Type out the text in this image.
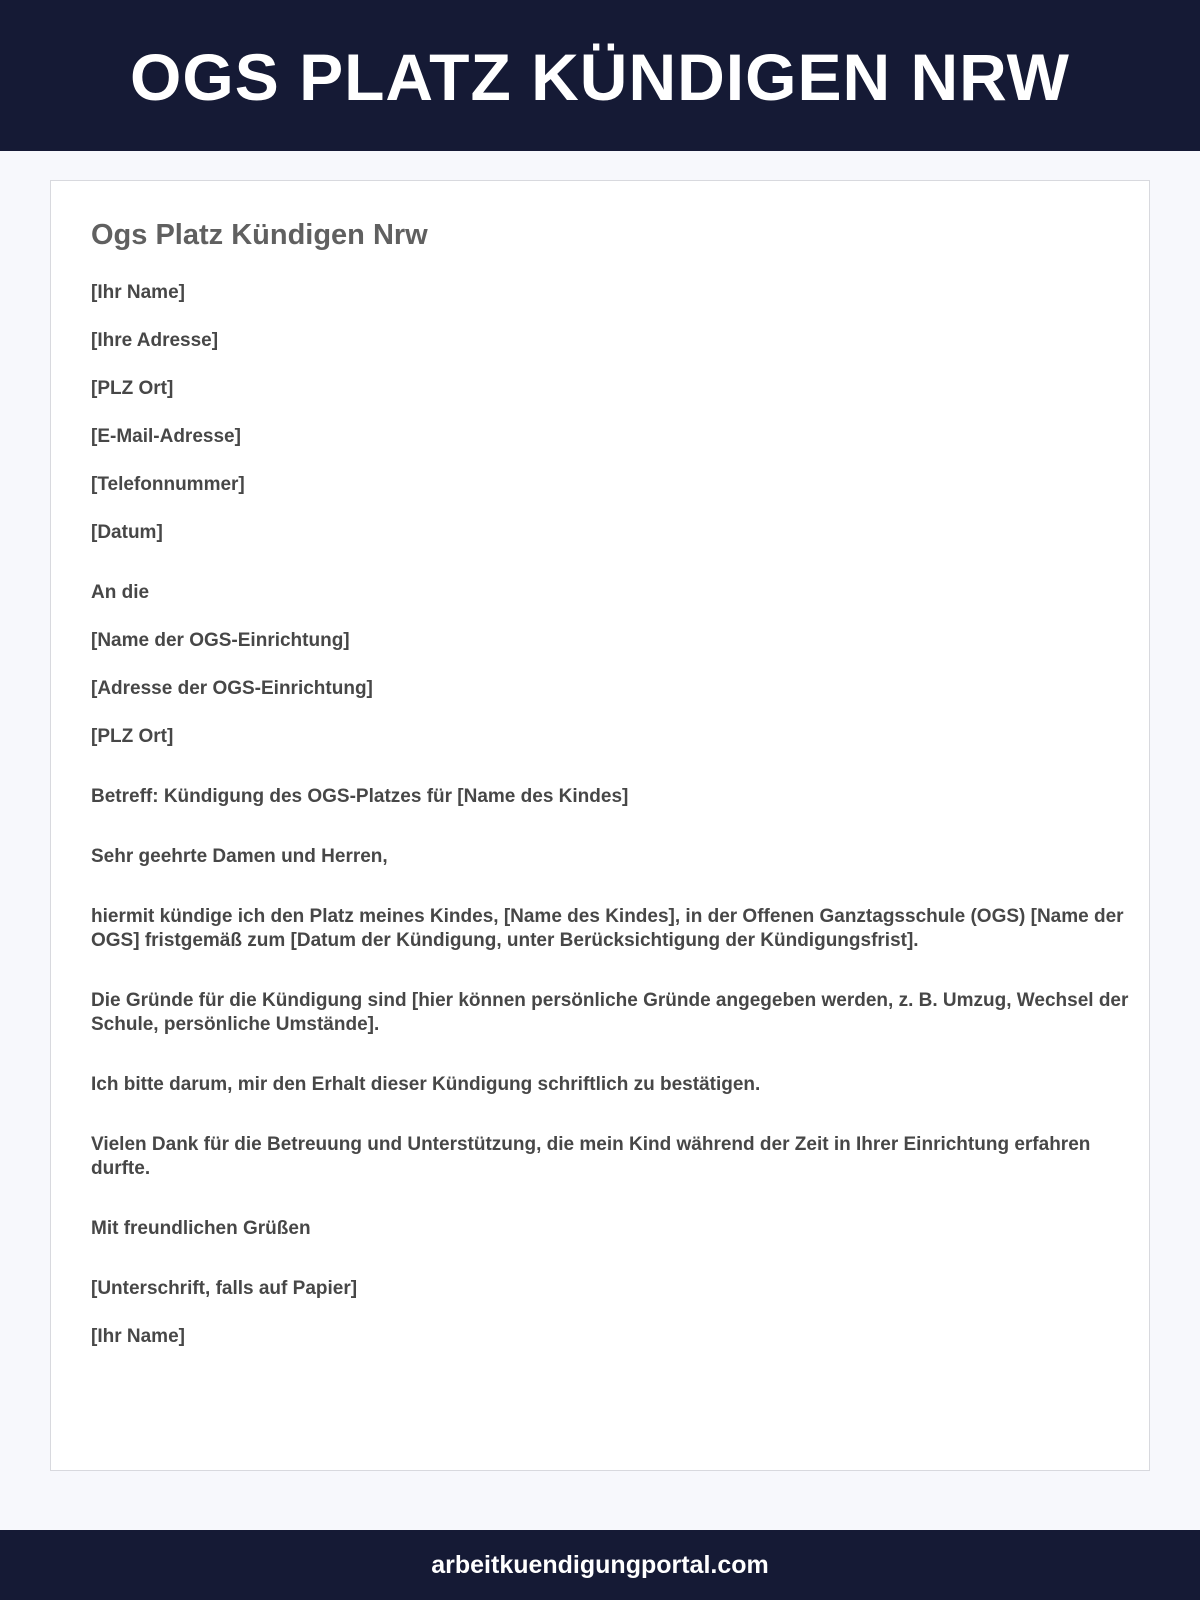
OGS PLATZ KÜNDIGEN NRW
Ogs Platz Kündigen Nrw
[Ihr Name]
[Ihre Adresse]
[PLZ Ort]
[E-Mail-Adresse]
[Telefonnummer]
[Datum]
An die
[Name der OGS-Einrichtung]
[Adresse der OGS-Einrichtung]
[PLZ Ort]
Betreff: Kündigung des OGS-Platzes für [Name des Kindes]
Sehr geehrte Damen und Herren,
hiermit kündige ich den Platz meines Kindes, [Name des Kindes], in der Offenen Ganztagsschule (OGS) [Name der OGS] fristgemäß zum [Datum der Kündigung, unter Berücksichtigung der Kündigungsfrist].
Die Gründe für die Kündigung sind [hier können persönliche Gründe angegeben werden, z. B. Umzug, Wechsel der Schule, persönliche Umstände].
Ich bitte darum, mir den Erhalt dieser Kündigung schriftlich zu bestätigen.
Vielen Dank für die Betreuung und Unterstützung, die mein Kind während der Zeit in Ihrer Einrichtung erfahren durfte.
Mit freundlichen Grüßen
[Unterschrift, falls auf Papier]
[Ihr Name]
arbeitkuendigungportal.com
